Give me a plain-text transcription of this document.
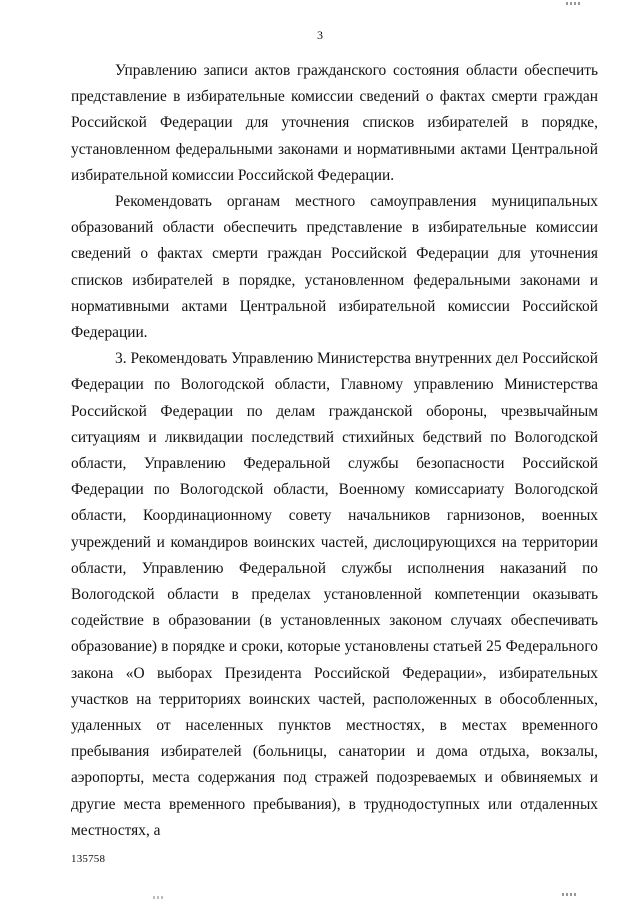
3

Управлению записи актов гражданского состояния области обеспечить представление в избирательные комиссии сведений о фактах смерти граждан Российской Федерации для уточнения списков избирателей в порядке, установленном федеральными законами и нормативными актами Центральной избирательной комиссии Российской Федерации.

Рекомендовать органам местного самоуправления муниципальных образований области обеспечить представление в избирательные комиссии сведений о фактах смерти граждан Российской Федерации для уточнения списков избирателей в порядке, установленном федеральными законами и нормативными актами Центральной избирательной комиссии Российской Федерации.

3. Рекомендовать Управлению Министерства внутренних дел Российской Федерации по Вологодской области, Главному управлению Министерства Российской Федерации по делам гражданской обороны, чрезвычайным ситуациям и ликвидации последствий стихийных бедствий по Вологодской области, Управлению Федеральной службы безопасности Российской Федерации по Вологодской области, Военному комиссариату Вологодской области, Координационному совету начальников гарнизонов, военных учреждений и командиров воинских частей, дислоцирующихся на территории области, Управлению Федеральной службы исполнения наказаний по Вологодской области в пределах установленной компетенции оказывать содействие в образовании (в установленных законом случаях обеспечивать образование) в порядке и сроки, которые установлены статьей 25 Федерального закона «О выборах Президента Российской Федерации», избирательных участков на территориях воинских частей, расположенных в обособленных, удаленных от населенных пунктов местностях, в местах временного пребывания избирателей (больницы, санатории и дома отдыха, вокзалы, аэропорты, места содержания под стражей подозреваемых и обвиняемых и другие места временного пребывания), в труднодоступных или отдаленных местностях, а

135758
